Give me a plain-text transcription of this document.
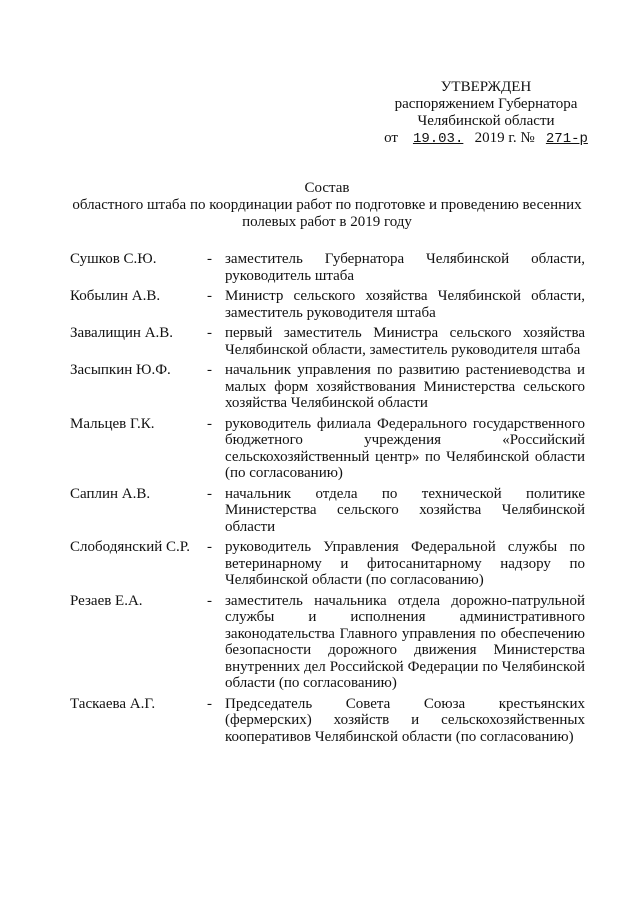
УТВЕРЖДЕН
распоряжением Губернатора
Челябинской области
от 19.03. 2019 г. № 271-р
Состав
областного штаба по координации работ по подготовке и проведению весенних полевых работ в 2019 году
Сушков С.Ю.	- заместитель Губернатора Челябинской области, руководитель штаба
Кобылин А.В.	- Министр сельского хозяйства Челябинской области, заместитель руководителя штаба
Завалищин А.В.	- первый заместитель Министра сельского хозяйства Челябинской области, заместитель руководителя штаба
Засыпкин Ю.Ф.	- начальник управления по развитию растениеводства и малых форм хозяйствования Министерства сельского хозяйства Челябинской области
Мальцев Г.К.	- руководитель филиала Федерального государственного бюджетного учреждения «Российский сельскохозяйственный центр» по Челябинской области (по согласованию)
Саплин А.В.	- начальник отдела по технической политике Министерства сельского хозяйства Челябинской области
Слободянский С.Р.	- руководитель Управления Федеральной службы по ветеринарному и фитосанитарному надзору по Челябинской области (по согласованию)
Резаев Е.А.	- заместитель начальника отдела дорожно-патрульной службы и исполнения административного законодательства Главного управления по обеспечению безопасности дорожного движения Министерства внутренних дел Российской Федерации по Челябинской области (по согласованию)
Таскаева А.Г.	- Председатель Совета Союза крестьянских (фермерских) хозяйств и сельскохозяйственных кооперативов Челябинской области (по согласованию)
